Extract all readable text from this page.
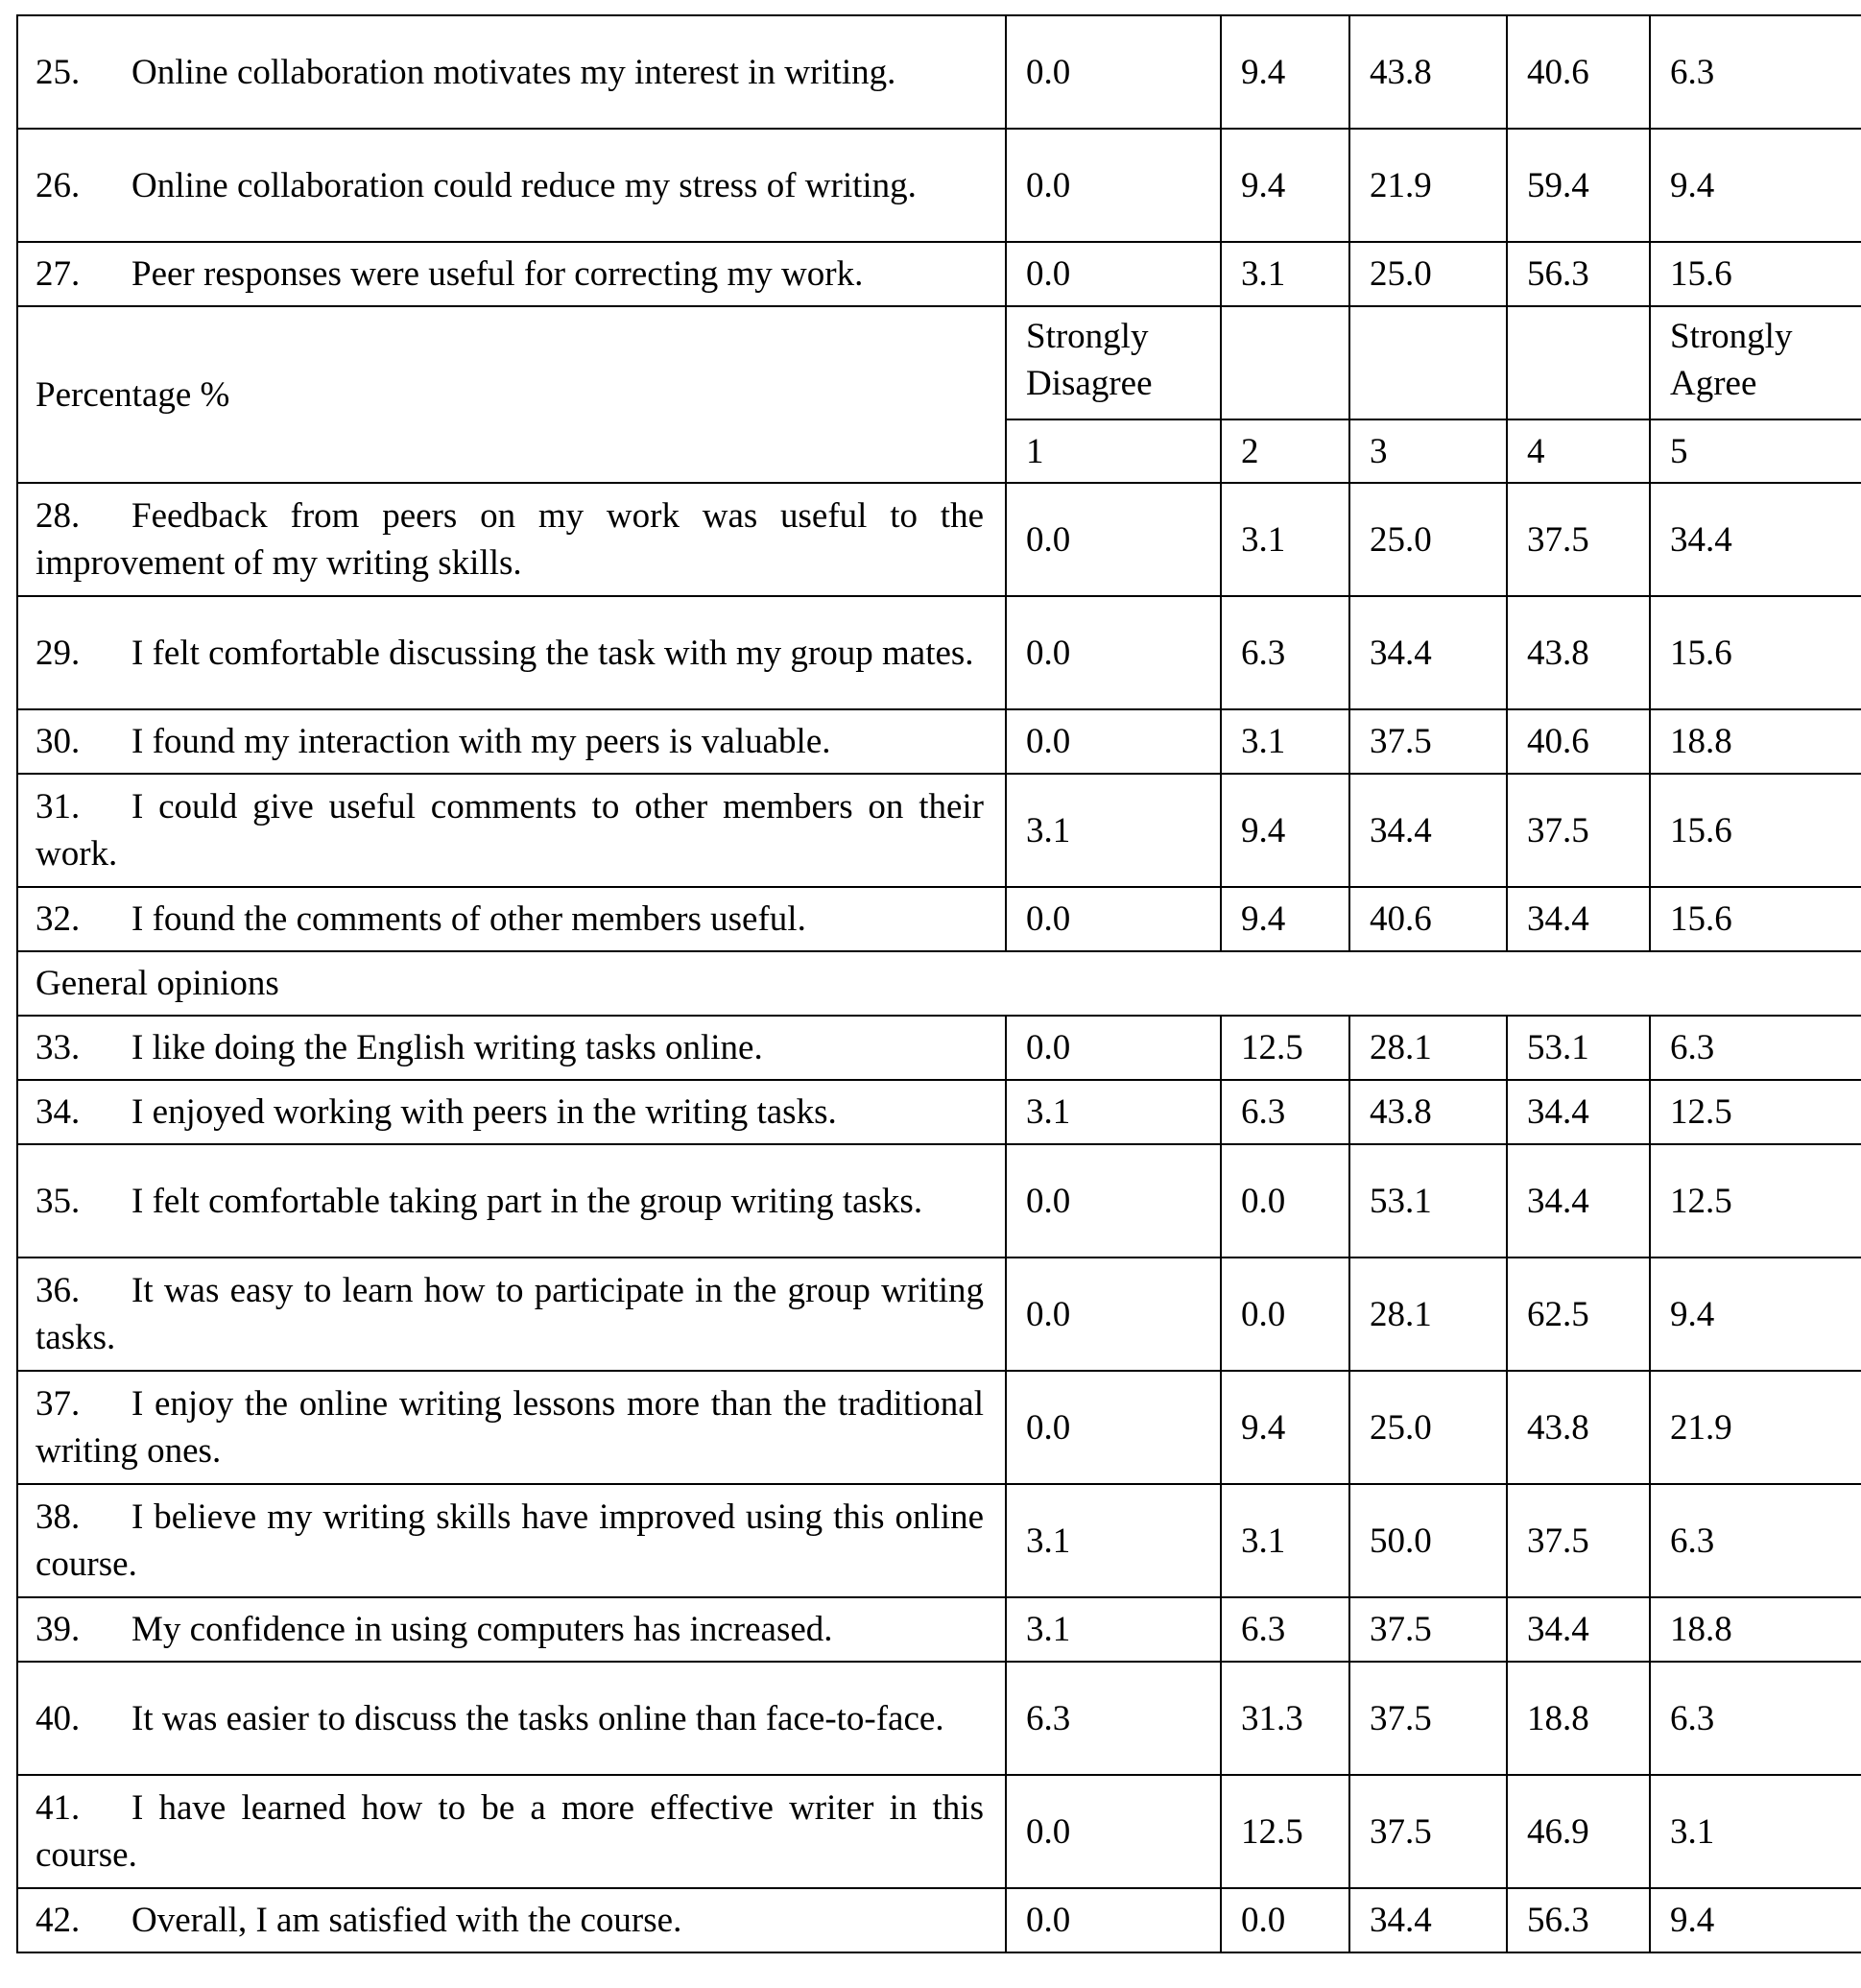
25. Online collaboration motivates my interest in writing.	0.0	9.4	43.8	40.6	6.3
26. Online collaboration could reduce my stress of writing.	0.0	9.4	21.9	59.4	9.4
27. Peer responses were useful for correcting my work.	0.0	3.1	25.0	56.3	15.6
Percentage %	Strongly Disagree				Strongly Agree
	1	2	3	4	5
28. Feedback from peers on my work was useful to the improvement of my writing skills.	0.0	3.1	25.0	37.5	34.4
29. I felt comfortable discussing the task with my group mates.	0.0	6.3	34.4	43.8	15.6
30. I found my interaction with my peers is valuable.	0.0	3.1	37.5	40.6	18.8
31. I could give useful comments to other members on their work.	3.1	9.4	34.4	37.5	15.6
32. I found the comments of other members useful.	0.0	9.4	40.6	34.4	15.6
General opinions					
33. I like doing the English writing tasks online.	0.0	12.5	28.1	53.1	6.3
34. I enjoyed working with peers in the writing tasks.	3.1	6.3	43.8	34.4	12.5
35. I felt comfortable taking part in the group writing tasks.	0.0	0.0	53.1	34.4	12.5
36. It was easy to learn how to participate in the group writing tasks.	0.0	0.0	28.1	62.5	9.4
37. I enjoy the online writing lessons more than the traditional writing ones.	0.0	9.4	25.0	43.8	21.9
38. I believe my writing skills have improved using this online course.	3.1	3.1	50.0	37.5	6.3
39. My confidence in using computers has increased.	3.1	6.3	37.5	34.4	18.8
40. It was easier to discuss the tasks online than face-to-face.	6.3	31.3	37.5	18.8	6.3
41. I have learned how to be a more effective writer in this course.	0.0	12.5	37.5	46.9	3.1
42. Overall, I am satisfied with the course.	0.0	0.0	34.4	56.3	9.4
